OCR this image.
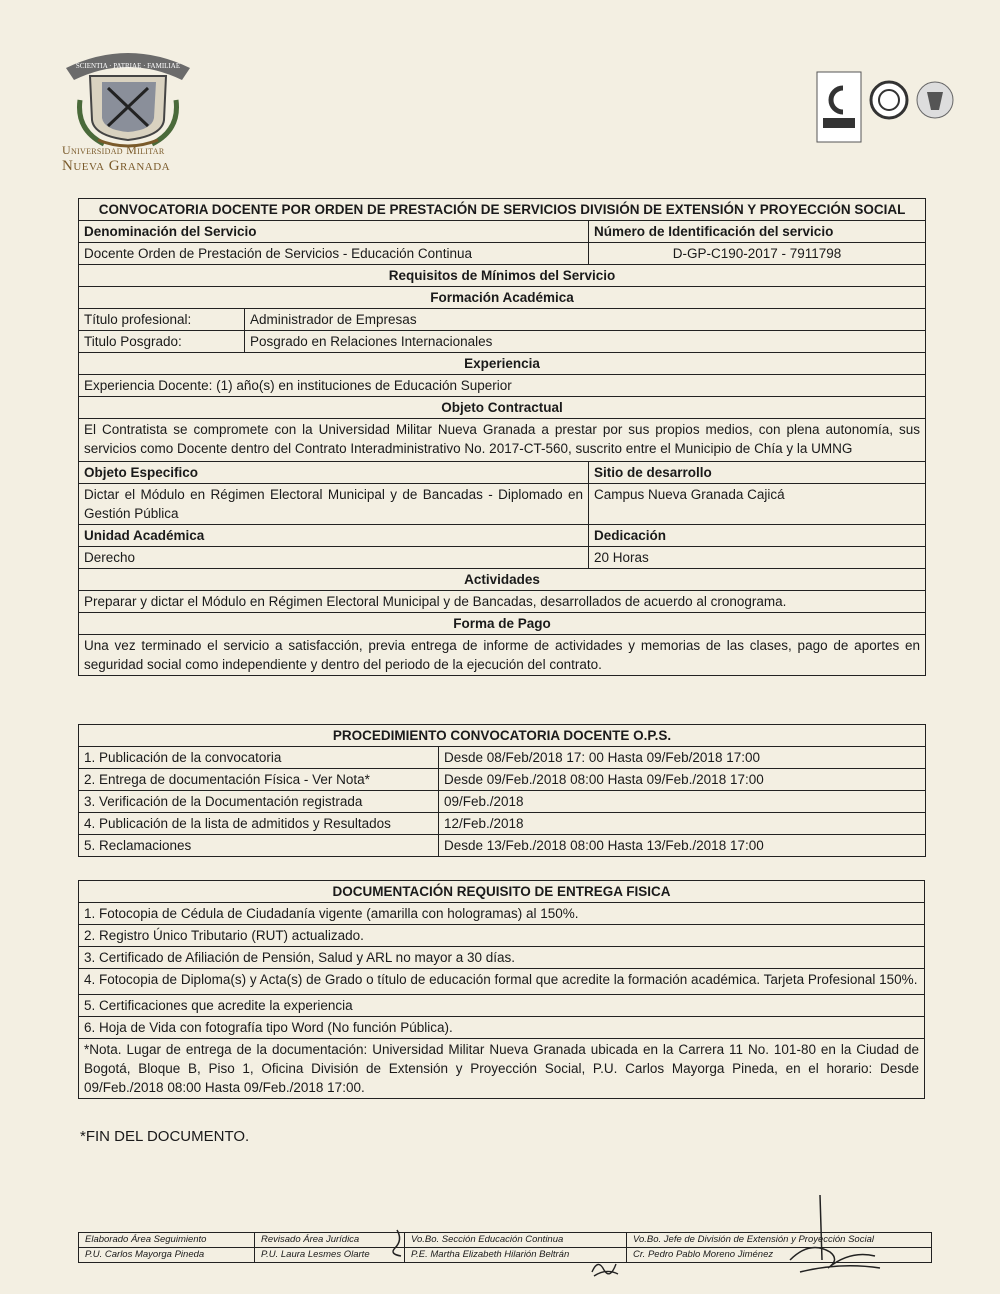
SCIENTIA · PATRIAE · FAMILIAE
Universidad Militar
Nueva Granada
CONVOCATORIA DOCENTE POR ORDEN DE PRESTACIÓN DE SERVICIOS DIVISIÓN DE EXTENSIÓN Y PROYECCIÓN SOCIAL		
Denominación del Servicio		Número de Identificación del servicio
Docente Orden de Prestación de Servicios - Educación Continua		D-GP-C190-2017 - 7911798
Requisitos de Mínimos del Servicio		
Formación Académica		
Título profesional:	Administrador de Empresas	
Titulo Posgrado:	Posgrado en Relaciones Internacionales	
Experiencia		
Experiencia Docente: (1) año(s) en instituciones de Educación Superior		
Objeto Contractual		
El Contratista se compromete con la Universidad Militar Nueva Granada a prestar por sus propios medios, con plena autonomía, sus servicios como Docente dentro del Contrato Interadministrativo No. 2017-CT-560, suscrito entre el Municipio de Chía y la UMNG		
Objeto Especifico		Sitio de desarrollo
Dictar el Módulo en Régimen Electoral Municipal y de Bancadas - Diplomado en Gestión Pública		Campus Nueva Granada Cajicá
Unidad Académica		Dedicación
Derecho		20 Horas
Actividades		
Preparar y dictar el Módulo en Régimen Electoral Municipal y de Bancadas, desarrollados de acuerdo al cronograma.		
Forma de Pago		
Una vez terminado el servicio a satisfacción, previa entrega de informe de actividades y memorias de las clases, pago de aportes en seguridad social como independiente y dentro del periodo de la ejecución del contrato.		
PROCEDIMIENTO CONVOCATORIA DOCENTE O.P.S.	
1. Publicación de la convocatoria	Desde 08/Feb/2018 17: 00 Hasta 09/Feb/2018 17:00
2. Entrega de documentación Física - Ver Nota*	Desde 09/Feb./2018 08:00 Hasta 09/Feb./2018 17:00
3. Verificación de la Documentación registrada	09/Feb./2018
4. Publicación de la lista de admitidos y Resultados	12/Feb./2018
5. Reclamaciones	Desde 13/Feb./2018 08:00 Hasta 13/Feb./2018 17:00
DOCUMENTACIÓN REQUISITO DE ENTREGA FISICA
1. Fotocopia de Cédula de Ciudadanía vigente (amarilla con hologramas) al 150%.
2. Registro Único Tributario (RUT) actualizado.
3. Certificado de Afiliación de Pensión, Salud y ARL no mayor a 30 días.
4. Fotocopia de Diploma(s) y Acta(s) de Grado o título de educación formal que acredite la formación académica. Tarjeta Profesional 150%.
5. Certificaciones que acredite la experiencia
6. Hoja de Vida con fotografía tipo Word (No función Pública).
*Nota. Lugar de entrega de la documentación: Universidad Militar Nueva Granada ubicada en la Carrera 11 No. 101-80 en la Ciudad de Bogotá, Bloque B, Piso 1, Oficina División de Extensión y Proyección Social, P.U. Carlos Mayorga Pineda, en el horario: Desde 09/Feb./2018 08:00 Hasta 09/Feb./2018 17:00.
*FIN DEL DOCUMENTO.
Elaborado Área Seguimiento	Revisado Área Jurídica	Vo.Bo. Sección Educación Continua	Vo.Bo. Jefe de División de Extensión y Proyección Social
P.U. Carlos Mayorga Pineda	P.U. Laura Lesmes Olarte	P.E. Martha Elizabeth Hilarión Beltrán	Cr. Pedro Pablo Moreno Jiménez
